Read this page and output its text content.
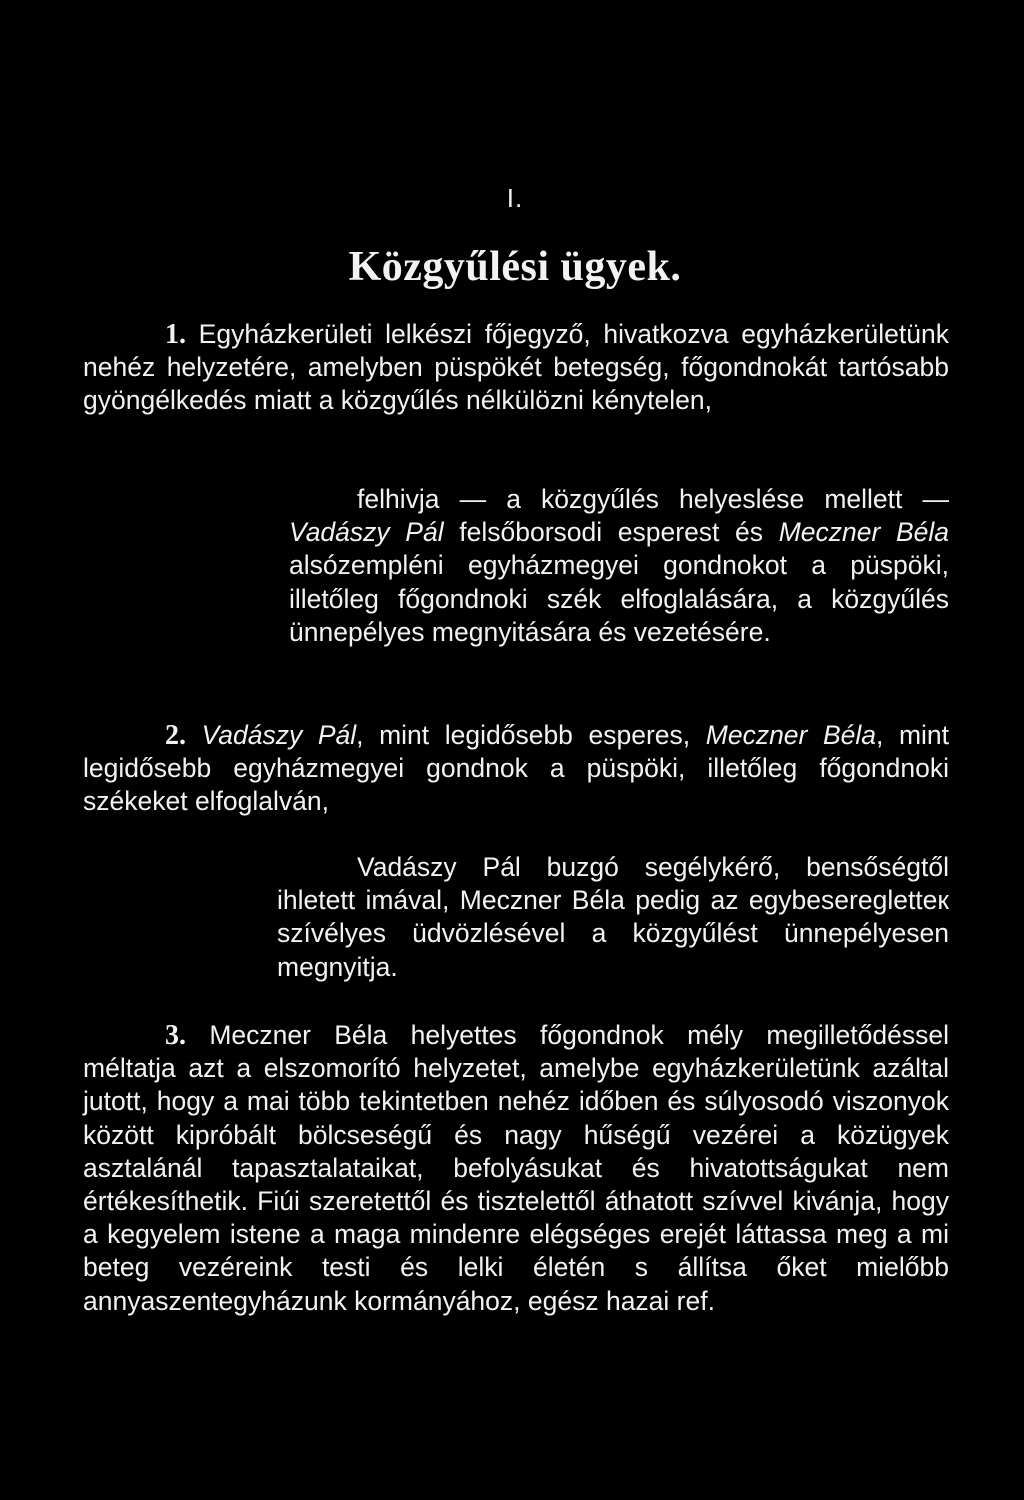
I.
Közgyűlési ügyek.

1. Egyházkerületi lelkészi főjegyző, hivatkozva egyházkerületünk nehéz helyzetére, amelyben püspökét betegség, főgondnokát tartósabb gyöngélkedés miatt a közgyűlés nélkülözni kénytelen,

felhivja — a közgyűlés helyeslése mellett — Vadászy Pál felsőborsodi esperest és Meczner Béla alsózempléni egyházmegyei gondnokot a püspöki, illetőleg főgondnoki szék elfoglalására, a közgyűlés ünnepélyes megnyitására és vezetésére.

2. Vadászy Pál, mint legidősebb esperes, Meczner Béla, mint legidősebb egyházmegyei gondnok a püspöki, illetőleg főgondnoki székeket elfoglalván,

Vadászy Pál buzgó segélykérő, bensőségtől ihletett imával, Meczner Béla pedig az egybeseregletteк szívélyes üdvözlésével a közgyűlést ünnepélyesen megnyitja.

3. Meczner Béla helyettes főgondnok mély megilletődéssel méltatja azt a elszomorító helyzetet, amelybe egyházkerületünk azáltal jutott, hogy a mai több tekintetben nehéz időben és súlyosodó viszonyok között kipróbált bölcseségű és nagy hűségű vezérei a közügyek asztalánál tapasztalataikat, befolyásukat és hivatottságukat nem értékesíthetik. Fiúi szeretettől és tisztelettől áthatott szívvel kivánja, hogy a kegyelem istene a maga mindenre elégséges erejét láttassa meg a mi beteg vezéreink testi és lelki életén s állítsa őket mielőbb annyaszentegyházunk kormányához, egész hazai ref.
